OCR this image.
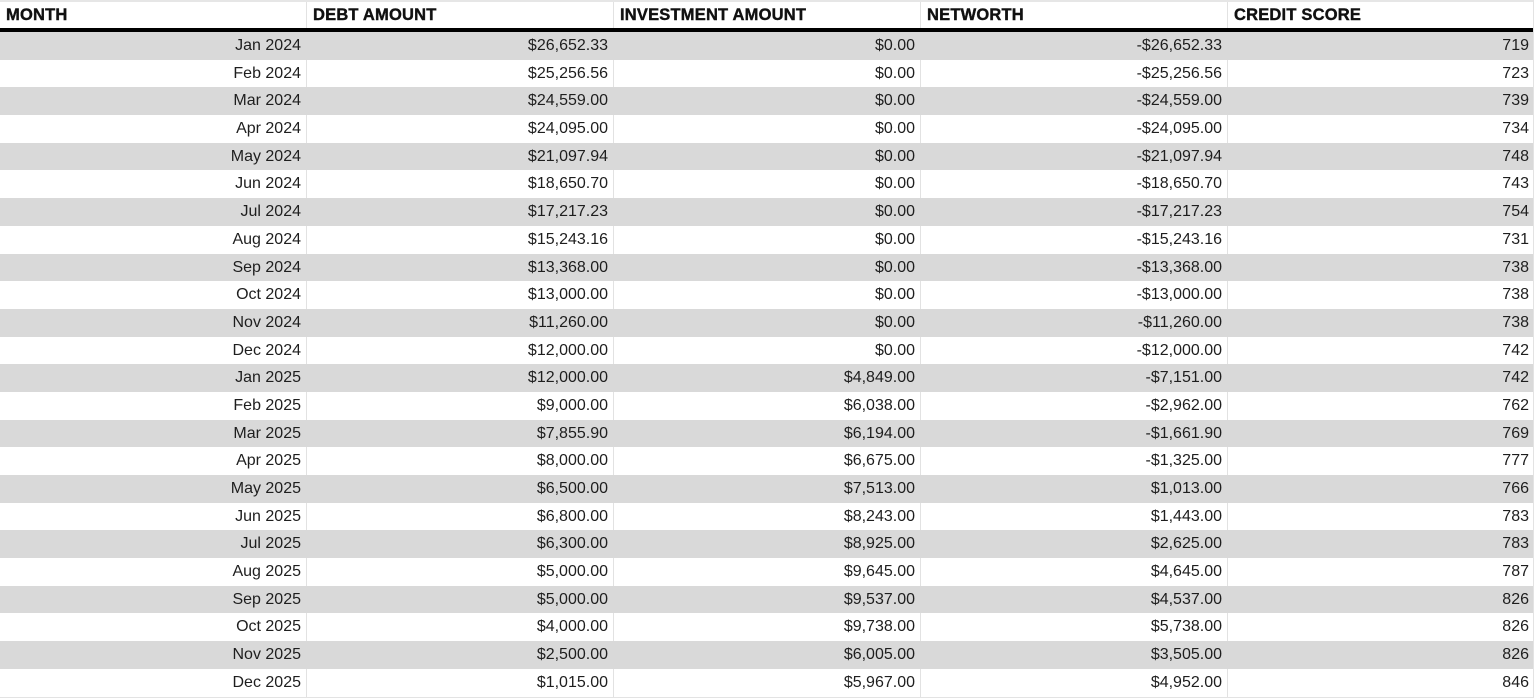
MONTH	DEBT AMOUNT	INVESTMENT AMOUNT	NETWORTH	CREDIT SCORE
Jan 2024	$26,652.33	$0.00	-$26,652.33	719
Feb 2024	$25,256.56	$0.00	-$25,256.56	723
Mar 2024	$24,559.00	$0.00	-$24,559.00	739
Apr 2024	$24,095.00	$0.00	-$24,095.00	734
May 2024	$21,097.94	$0.00	-$21,097.94	748
Jun 2024	$18,650.70	$0.00	-$18,650.70	743
Jul 2024	$17,217.23	$0.00	-$17,217.23	754
Aug 2024	$15,243.16	$0.00	-$15,243.16	731
Sep 2024	$13,368.00	$0.00	-$13,368.00	738
Oct 2024	$13,000.00	$0.00	-$13,000.00	738
Nov 2024	$11,260.00	$0.00	-$11,260.00	738
Dec 2024	$12,000.00	$0.00	-$12,000.00	742
Jan 2025	$12,000.00	$4,849.00	-$7,151.00	742
Feb 2025	$9,000.00	$6,038.00	-$2,962.00	762
Mar 2025	$7,855.90	$6,194.00	-$1,661.90	769
Apr 2025	$8,000.00	$6,675.00	-$1,325.00	777
May 2025	$6,500.00	$7,513.00	$1,013.00	766
Jun 2025	$6,800.00	$8,243.00	$1,443.00	783
Jul 2025	$6,300.00	$8,925.00	$2,625.00	783
Aug 2025	$5,000.00	$9,645.00	$4,645.00	787
Sep 2025	$5,000.00	$9,537.00	$4,537.00	826
Oct 2025	$4,000.00	$9,738.00	$5,738.00	826
Nov 2025	$2,500.00	$6,005.00	$3,505.00	826
Dec 2025	$1,015.00	$5,967.00	$4,952.00	846
